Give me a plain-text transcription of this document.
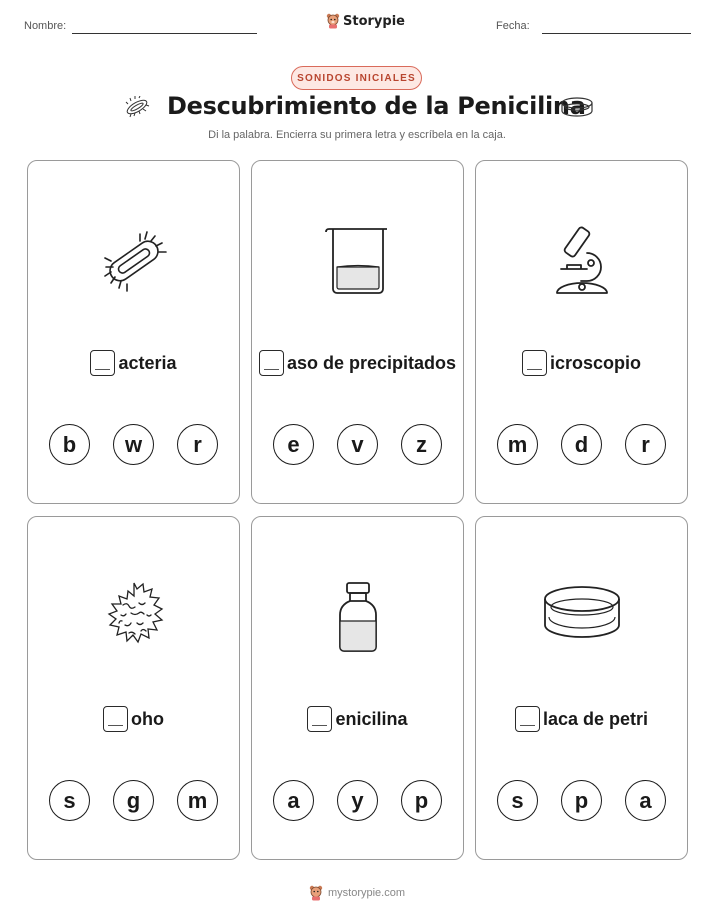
Nombre:	Storypie	Fecha:
SONIDOS INICIALES
Descubrimiento de la Penicilina
Di la palabra. Encierra su primera letra y escríbela en la caja.
acteria
b	w	r
aso de precipitados
e	v	z
icroscopio
m	d	r
oho
s	g	m
enicilina
a	y	p
laca de petri
s	p	a
mystorypie.com
